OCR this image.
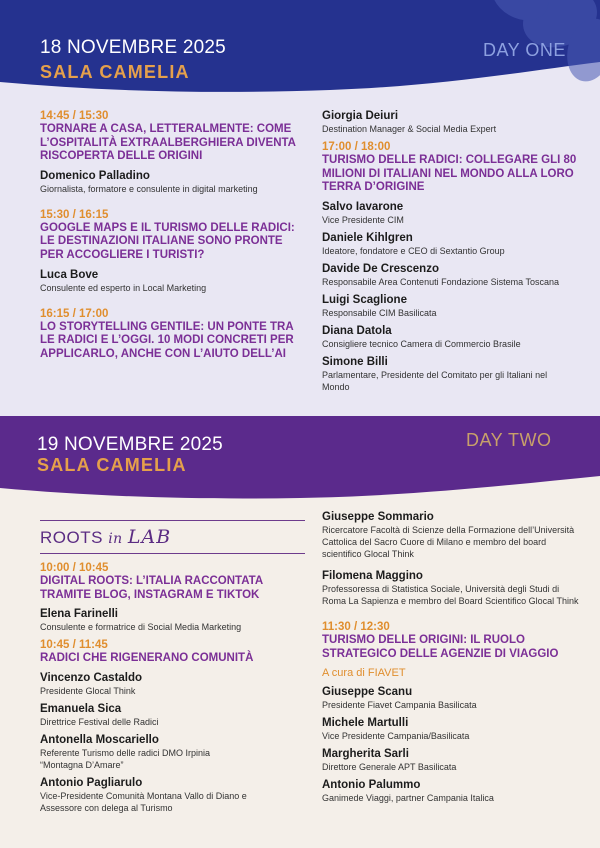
18 NOVEMBRE 2025
SALA CAMELIA
DAY ONE
14:45 / 15:30
TORNARE A CASA, LETTERALMENTE: COME L’OSPITALITÀ EXTRAALBERGHIERA DIVENTA RISCOPERTA DELLE ORIGINI
Domenico Palladino
Giornalista, formatore e consulente in digital marketing
15:30 / 16:15
GOOGLE MAPS E IL TURISMO DELLE RADICI: LE DESTINAZIONI ITALIANE SONO PRONTE PER ACCOGLIERE I TURISTI?
Luca Bove
Consulente ed esperto in Local Marketing
16:15 / 17:00
LO STORYTELLING GENTILE: UN PONTE TRA LE RADICI E L’OGGI. 10 MODI CONCRETI PER APPLICARLO, ANCHE CON L’AIUTO DELL’AI
Giorgia Deiuri
Destination Manager & Social Media Expert
17:00 / 18:00
TURISMO DELLE RADICI: COLLEGARE GLI 80 MILIONI DI ITALIANI NEL MONDO ALLA LORO TERRA D’ORIGINE
Salvo Iavarone
Vice Presidente CIM
Daniele Kihlgren
Ideatore, fondatore e CEO di Sextantio Group
Davide De Crescenzo
Responsabile Area Contenuti Fondazione Sistema Toscana
Luigi Scaglione
Responsabile CIM Basilicata
Diana Datola
Consigliere tecnico Camera di Commercio Brasile
Simone Billi
Parlamentare, Presidente del Comitato per gli Italiani nel Mondo
19 NOVEMBRE 2025
SALA CAMELIA
DAY TWO
ROOTS in LAB
10:00 / 10:45
DIGITAL ROOTS: L’ITALIA RACCONTATA TRAMITE BLOG, INSTAGRAM E TIKTOK
Elena Farinelli
Consulente e formatrice di Social Media Marketing
10:45 / 11:45
RADICI CHE RIGENERANO COMUNITÀ
Vincenzo Castaldo
Presidente Glocal Think
Emanuela Sica
Direttrice Festival delle Radici
Antonella Moscariello
Referente Turismo delle radici DMO Irpinia “Montagna D’Amare”
Antonio Pagliarulo
Vice-Presidente Comunità Montana Vallo di Diano e Assessore con delega al Turismo
Giuseppe Sommario
Ricercatore Facoltà di Scienze della Formazione dell’Università Cattolica del Sacro Cuore di Milano e membro del board scientifico Glocal Think
Filomena Maggino
Professoressa di Statistica Sociale, Università degli Studi di Roma La Sapienza e membro del Board Scientifico Glocal Think
11:30 / 12:30
TURISMO DELLE ORIGINI: IL RUOLO STRATEGICO DELLE AGENZIE DI VIAGGIO
A cura di FIAVET
Giuseppe Scanu
Presidente Fiavet Campania Basilicata
Michele Martulli
Vice Presidente Campania/Basilicata
Margherita Sarli
Direttore Generale APT Basilicata
Antonio Palummo
Ganimede Viaggi, partner Campania Italica
